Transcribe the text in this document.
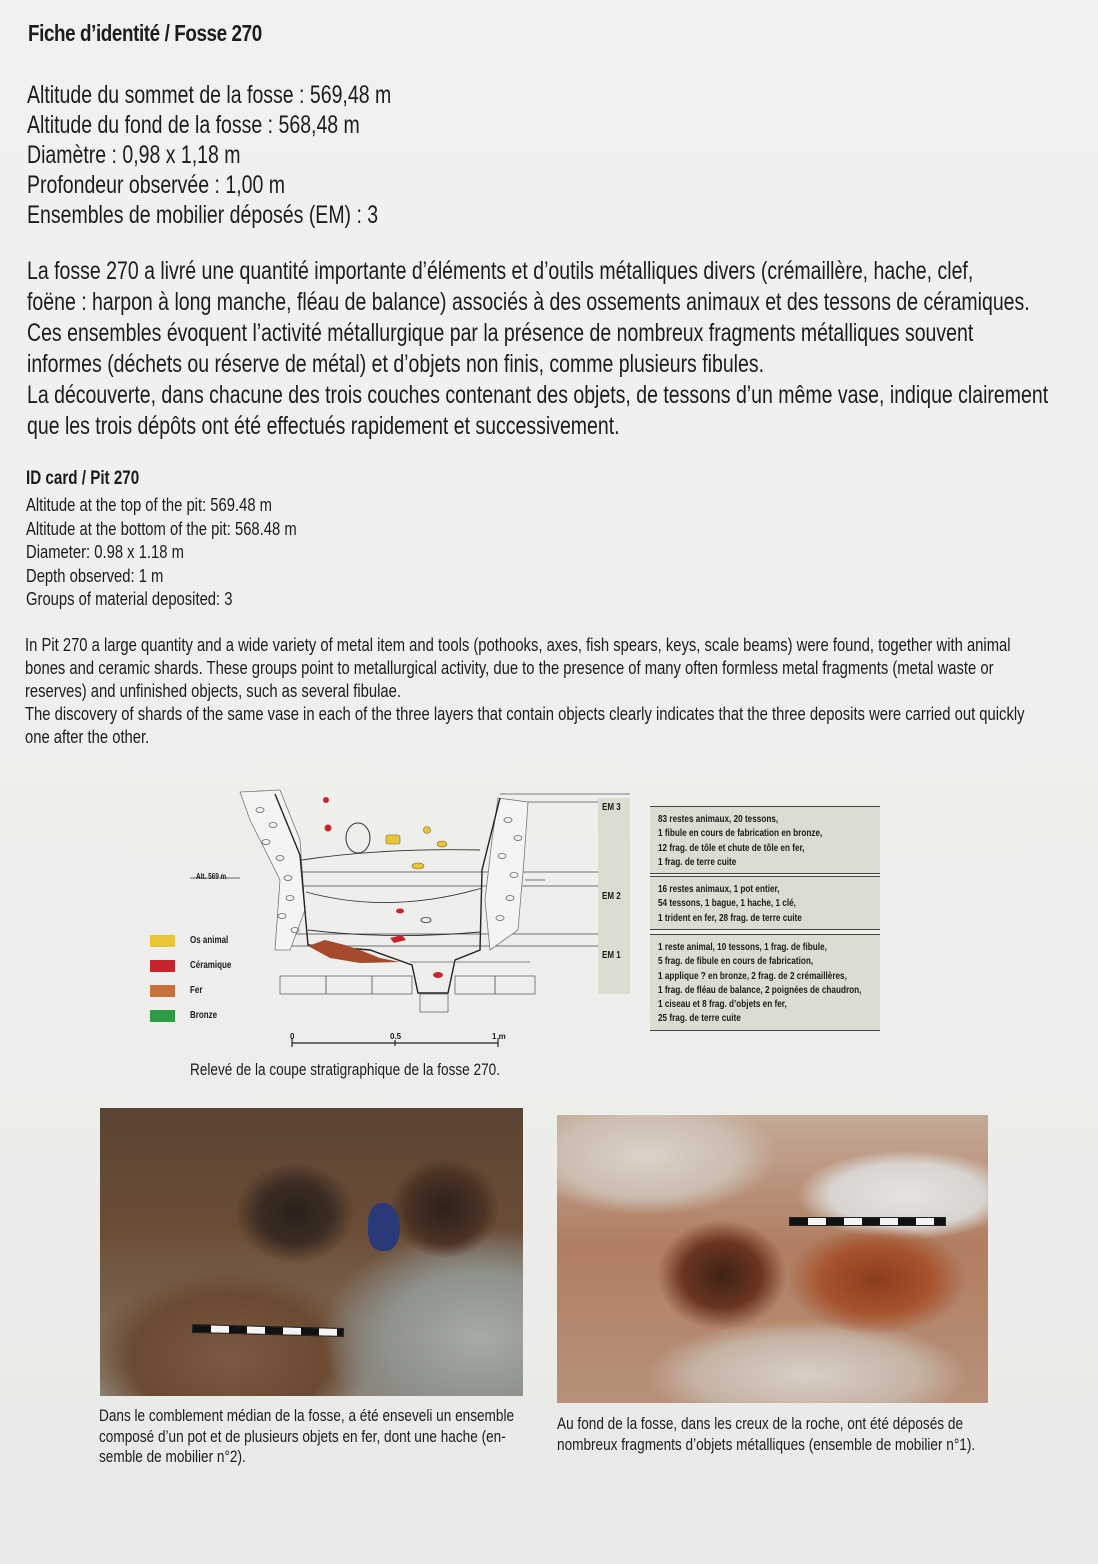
Fiche d’identité / Fosse 270
Altitude du sommet de la fosse : 569,48 m
Altitude du fond de la fosse : 568,48 m
Diamètre : 0,98 x 1,18 m
Profondeur observée : 1,00 m
Ensembles de mobilier déposés (EM) : 3
La fosse 270 a livré une quantité importante d’éléments et d’outils métalliques divers (crémaillère, hache, clef,
foëne : harpon à long manche, fléau de balance) associés à des ossements animaux et des tessons de céramiques.
Ces ensembles évoquent l’activité métallurgique par la présence de nombreux fragments métalliques souvent
informes (déchets ou réserve de métal) et d’objets non finis, comme plusieurs fibules.
La découverte, dans chacune des trois couches contenant des objets, de tessons d’un même vase, indique clairement
que les trois dépôts ont été effectués rapidement et successivement.
ID card / Pit 270
Altitude at the top of the pit: 569.48 m
Altitude at the bottom of the pit: 568.48 m
Diameter: 0.98 x 1.18 m
Depth observed: 1 m
Groups of material deposited: 3
In Pit 270 a large quantity and a wide variety of metal item and tools (pothooks, axes, fish spears, keys, scale beams) were found, together with animal
bones and ceramic shards. These groups point to metallurgical activity, due to the presence of many often formless metal fragments (metal waste or
reserves) and unfinished objects, such as several fibulae.
The discovery of shards of the same vase in each of the three layers that contain objects clearly indicates that the three deposits were carried out quickly
one after the other.
Alt. 569 m
0	0.5	1 m
Os animal
Céramique
Fer
Bronze
EM 3
EM 2
EM 1
83 restes animaux, 20 tessons,
1 fibule en cours de fabrication en bronze,
12 frag. de tôle et chute de tôle en fer,
1 frag. de terre cuite
16 restes animaux, 1 pot entier,
54 tessons, 1 bague, 1 hache, 1 clé,
1 trident en fer, 28 frag. de terre cuite
1 reste animal, 10 tessons, 1 frag. de fibule,
5 frag. de fibule en cours de fabrication,
1 applique ? en bronze, 2 frag. de 2 crémaillères,
1 frag. de fléau de balance, 2 poignées de chaudron,
1 ciseau et 8 frag. d’objets en fer,
25 frag. de terre cuite
Relevé de la coupe stratigraphique de la fosse 270.
Dans le comblement médian de la fosse, a été enseveli un ensemble
composé d’un pot et de plusieurs objets en fer, dont une hache (en-
semble de mobilier n°2).
Au fond de la fosse, dans les creux de la roche, ont été déposés de
nombreux fragments d’objets métalliques (ensemble de mobilier n°1).
